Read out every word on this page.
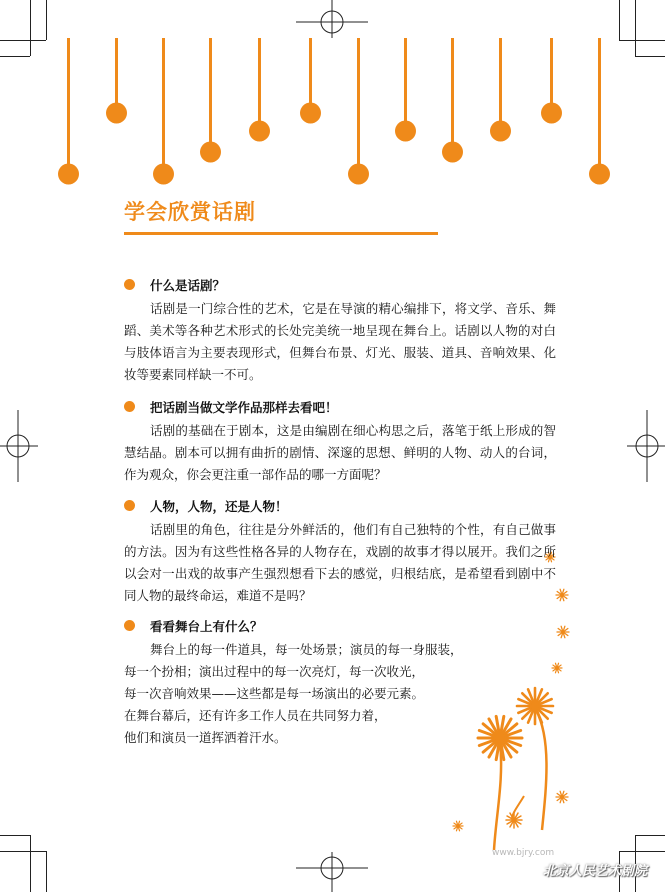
学会欣赏话剧
什么是话剧？

话剧是一门综合性的艺术，它是在导演的精心编排下，将文学、音乐、舞蹈、美术等各种艺术形式的长处完美统一地呈现在舞台上。话剧以人物的对白与肢体语言为主要表现形式，但舞台布景、灯光、服装、道具、音响效果、化妆等要素同样缺一不可。

把话剧当做文学作品那样去看吧！

话剧的基础在于剧本，这是由编剧在细心构思之后，落笔于纸上形成的智慧结晶。剧本可以拥有曲折的剧情、深邃的思想、鲜明的人物、动人的台词，作为观众，你会更注重一部作品的哪一方面呢？

人物，人物，还是人物！

话剧里的角色，往往是分外鲜活的，他们有自己独特的个性，有自己做事的方法。因为有这些性格各异的人物存在，戏剧的故事才得以展开。我们之所以会对一出戏的故事产生强烈想看下去的感觉，归根结底，是希望看到剧中不同人物的最终命运，难道不是吗？

看看舞台上有什么？
舞台上的每一件道具，每一处场景；演员的每一身服装，
每一个扮相；演出过程中的每一次亮灯，每一次收光，
每一次音响效果——这些都是每一场演出的必要元素。
在舞台幕后，还有许多工作人员在共同努力着，
他们和演员一道挥洒着汗水。
www.bjry.com
北京人民艺术剧院
